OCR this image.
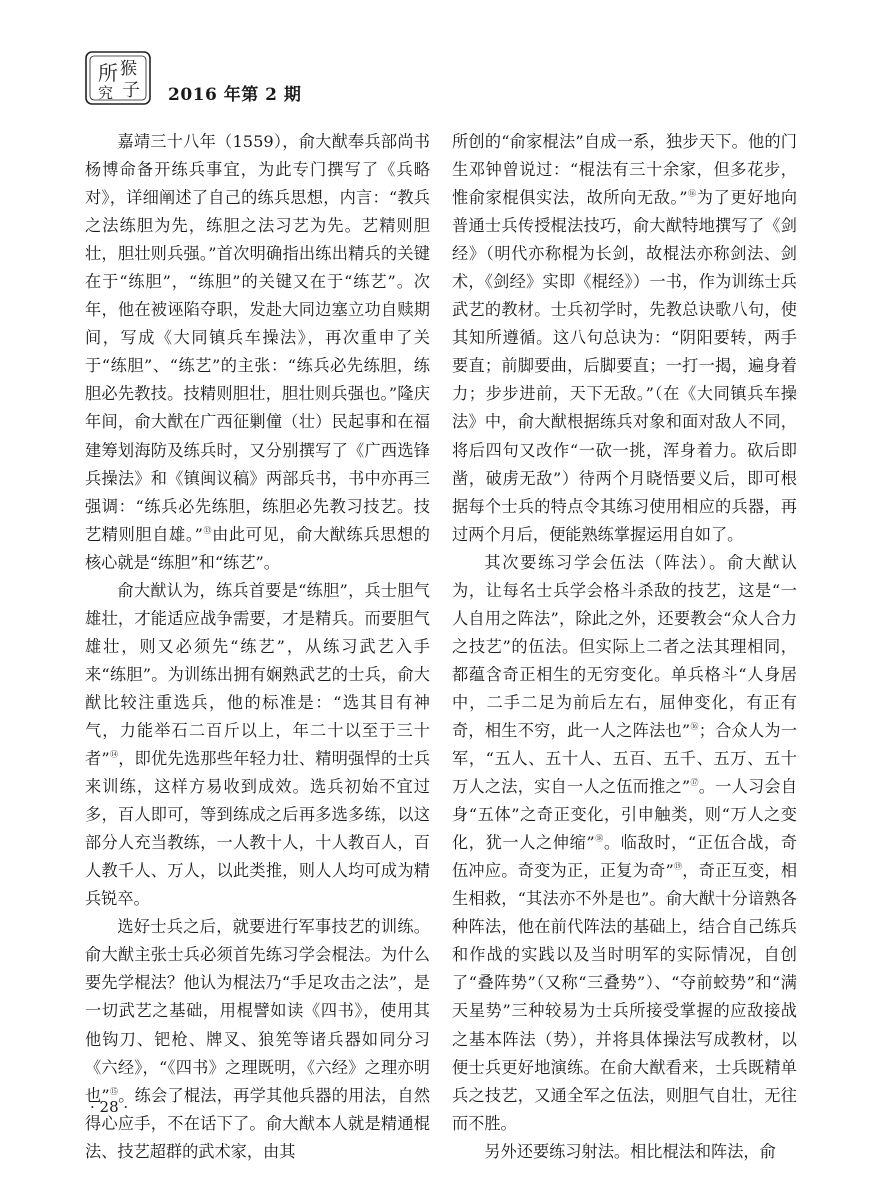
所 猴
究 子 2016 年第 2 期

嘉靖三十八年（1559），俞大猷奉兵部尚书杨博命备开练兵事宜，为此专门撰写了《兵略对》，详细阐述了自己的练兵思想，内言：“教兵之法练胆为先，练胆之法习艺为先。艺精则胆壮，胆壮则兵强。”首次明确指出练出精兵的关键在于“练胆”，“练胆”的关键又在于“练艺”。次年，他在被诬陷夺职，发赴大同边塞立功自赎期间，写成《大同镇兵车操法》，再次重申了关于“练胆”、“练艺”的主张：“练兵必先练胆，练胆必先教技。技精则胆壮，胆壮则兵强也。”隆庆年间，俞大猷在广西征剿僮（壮）民起事和在福建筹划海防及练兵时，又分别撰写了《广西选锋兵操法》和《镇闽议稿》两部兵书，书中亦再三强调：“练兵必先练胆，练胆必先教习技艺。技艺精则胆自雄。”⑬由此可见，俞大猷练兵思想的核心就是“练胆”和“练艺”。

俞大猷认为，练兵首要是“练胆”，兵士胆气雄壮，才能适应战争需要，才是精兵。而要胆气雄壮，则又必须先“练艺”，从练习武艺入手来“练胆”。为训练出拥有娴熟武艺的士兵，俞大猷比较注重选兵，他的标准是：“选其目有神气，力能举石二百斤以上，年二十以至于三十者”⑭，即优先选那些年轻力壮、精明强悍的士兵来训练，这样方易收到成效。选兵初始不宜过多，百人即可，等到练成之后再多选多练，以这部分人充当教练，一人教十人，十人教百人，百人教千人、万人，以此类推，则人人均可成为精兵锐卒。

选好士兵之后，就要进行军事技艺的训练。俞大猷主张士兵必须首先练习学会棍法。为什么要先学棍法？他认为棍法乃“手足攻击之法”，是一切武艺之基础，用棍譬如读《四书》，使用其他钩刀、钯枪、牌叉、狼筅等诸兵器如同分习《六经》，“《四书》之理既明，《六经》之理亦明也”⑮。练会了棍法，再学其他兵器的用法，自然得心应手，不在话下了。俞大猷本人就是精通棍法、技艺超群的武术家，由其

所创的“俞家棍法”自成一系，独步天下。他的门生邓钟曾说过：“棍法有三十余家，但多花步，惟俞家棍俱实法，故所向无敌。”⑯为了更好地向普通士兵传授棍法技巧，俞大猷特地撰写了《剑经》（明代亦称棍为长剑，故棍法亦称剑法、剑术，《剑经》实即《棍经》）一书，作为训练士兵武艺的教材。士兵初学时，先教总诀歌八句，使其知所遵循。这八句总诀为：“阴阳要转，两手要直；前脚要曲，后脚要直；一打一揭，遍身着力；步步进前，天下无敌。”（在《大同镇兵车操法》中，俞大猷根据练兵对象和面对敌人不同，将后四句又改作“一砍一挑，浑身着力。砍后即凿，破虏无敌”）待两个月晓悟要义后，即可根据每个士兵的特点令其练习使用相应的兵器，再过两个月后，便能熟练掌握运用自如了。

其次要练习学会伍法（阵法）。俞大猷认为，让每名士兵学会格斗杀敌的技艺，这是“一人自用之阵法”，除此之外，还要教会“众人合力之技艺”的伍法。但实际上二者之法其理相同，都蕴含奇正相生的无穷变化。单兵格斗“人身居中，二手二足为前后左右，屈伸变化，有正有奇，相生不穷，此一人之阵法也”⑯；合众人为一军，“五人、五十人、五百、五千、五万、五十万人之法，实自一人之伍而推之”⑰。一人习会自身“五体”之奇正变化，引申触类，则“万人之变化，犹一人之伸缩”⑱。临敌时，“正伍合战，奇伍冲应。奇变为正，正复为奇”⑲，奇正互变，相生相救，“其法亦不外是也”。俞大猷十分谙熟各种阵法，他在前代阵法的基础上，结合自己练兵和作战的实践以及当时明军的实际情况，自创了“叠阵势”（又称“三叠势”）、“夺前蛟势”和“满天星势”三种较易为士兵所接受掌握的应敌接战之基本阵法（势），并将具体操法写成教材，以便士兵更好地演练。在俞大猷看来，士兵既精单兵之技艺，又通全军之伍法，则胆气自壮，无往而不胜。

另外还要练习射法。相比棍法和阵法，俞

· 28 ·
